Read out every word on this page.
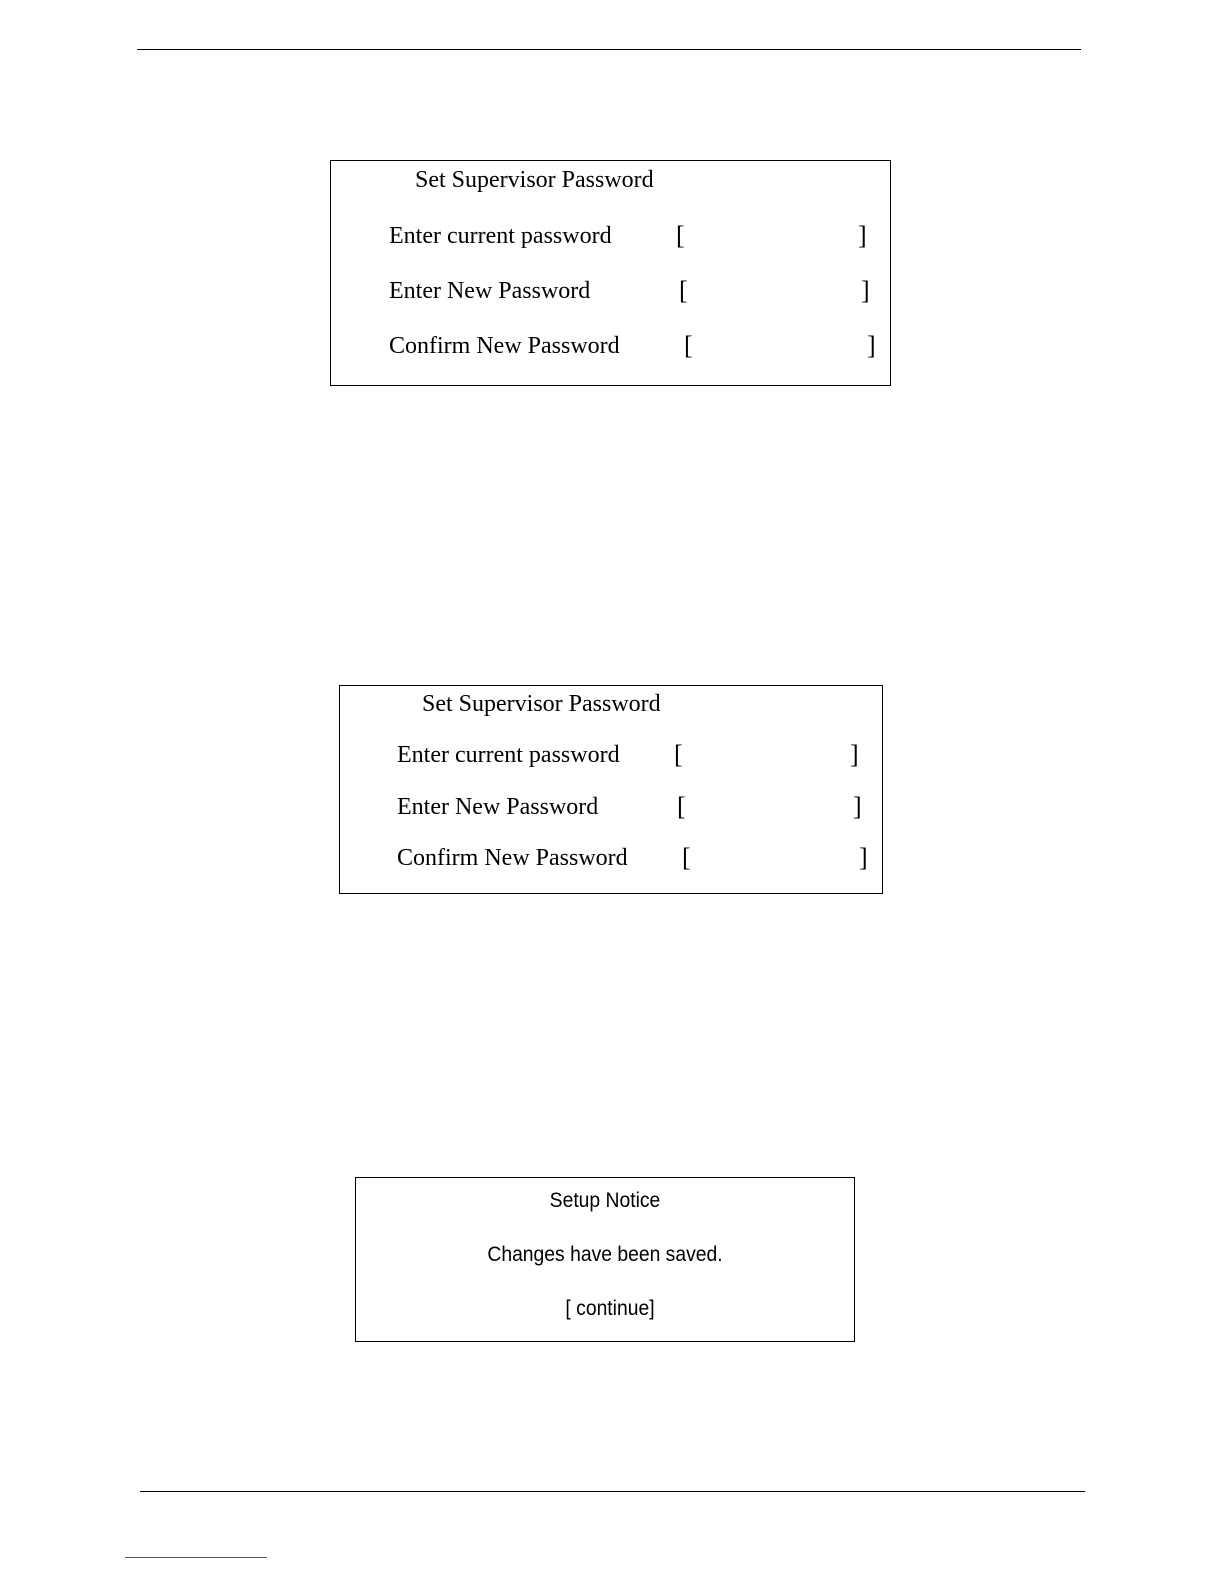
Set Supervisor Password
Enter current password [	]
Enter New Password	[	]
Confirm New Password [	]
Set Supervisor Password
Enter current password [	]
Enter New Password	[	]
Confirm New Password [	]
Setup Notice
Changes have been saved.
[ continue]
